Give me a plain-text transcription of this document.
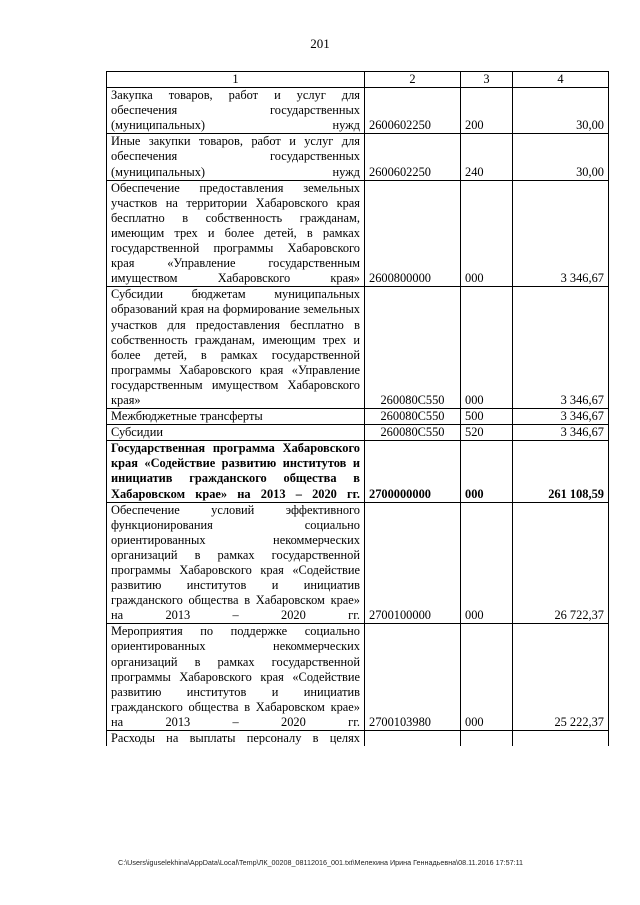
201
1	2	3	4
Закупка товаров, работ и услуг для обеспечения государственных (муниципальных) нужд	2600602250	200	30,00
Иные закупки товаров, работ и услуг для обеспечения государственных (муниципальных) нужд	2600602250	240	30,00
Обеспечение предоставления земельных участков на территории Хабаровского края бесплатно в собственность гражданам, имеющим трех и более детей, в рамках государственной программы Хабаровского края «Управление государственным имуществом Хабаровского края»	2600800000	000	3 346,67
Субсидии бюджетам муниципальных образований края на формирование земельных участков для предоставления бесплатно в собственность гражданам, имеющим трех и более детей, в рамках государственной программы Хабаровского края «Управление государственным имуществом Хабаровского края»	260080С550	000	3 346,67
Межбюджетные трансферты	260080С550	500	3 346,67
Субсидии	260080С550	520	3 346,67
Государственная программа Хабаровского края «Содействие развитию институтов и инициатив гражданского общества в Хабаровском крае» на 2013 – 2020 гг.	2700000000	000	261 108,59
Обеспечение условий эффективного функционирования социально ориентированных некоммерческих организаций в рамках государственной программы Хабаровского края «Содействие развитию институтов и инициатив гражданского общества в Хабаровском крае» на 2013 – 2020 гг.	2700100000	000	26 722,37
Мероприятия по поддержке социально ориентированных некоммерческих организаций в рамках государственной программы Хабаровского края «Содействие развитию институтов и инициатив гражданского общества в Хабаровском крае» на 2013 – 2020 гг.	2700103980	000	25 222,37
Расходы на выплаты персоналу в целях			
C:\Users\iguselekhina\AppData\Local\Temp\ЛК_00208_08112016_001.txt\Мелехина Ирина Геннадьевна\08.11.2016 17:57:11
